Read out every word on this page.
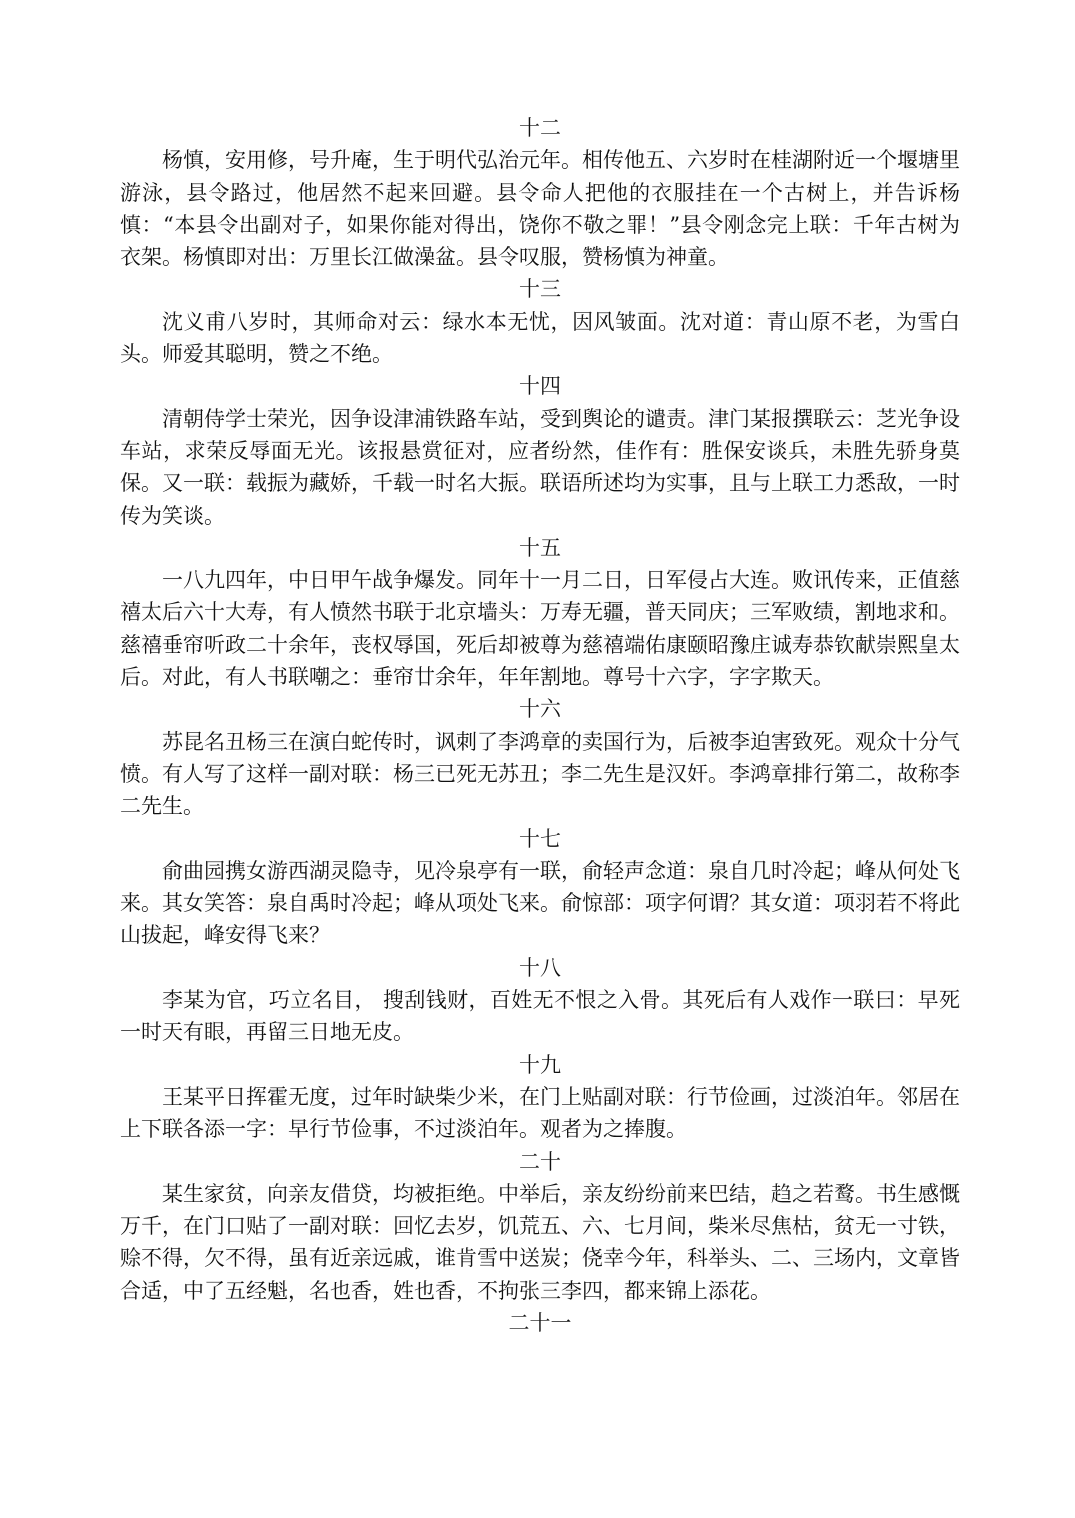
十二

杨慎，安用修，号升庵，生于明代弘治元年。相传他五、六岁时在桂湖附近一个堰塘里游泳，县令路过，他居然不起来回避。县令命人把他的衣服挂在一个古树上，并告诉杨慎：“本县令出副对子，如果你能对得出，饶你不敬之罪！”县令刚念完上联：千年古树为衣架。杨慎即对出：万里长江做澡盆。县令叹服，赞杨慎为神童。

十三

沈义甫八岁时，其师命对云：绿水本无忧，因风皱面。沈对道：青山原不老，为雪白头。师爱其聪明，赞之不绝。

十四

清朝侍学士荣光，因争设津浦铁路车站，受到舆论的谴责。津门某报撰联云：芝光争设车站，求荣反辱面无光。该报悬赏征对，应者纷然，佳作有：胜保安谈兵，未胜先骄身莫保。又一联：载振为藏娇，千载一时名大振。联语所述均为实事，且与上联工力悉敌，一时传为笑谈。

十五

一八九四年，中日甲午战争爆发。同年十一月二日，日军侵占大连。败讯传来，正值慈禧太后六十大寿，有人愤然书联于北京墙头：万寿无疆，普天同庆；三军败绩，割地求和。慈禧垂帘听政二十余年，丧权辱国，死后却被尊为慈禧端佑康颐昭豫庄诚寿恭钦献崇熙皇太后。对此，有人书联嘲之：垂帘廿余年，年年割地。尊号十六字，字字欺天。

十六

苏昆名丑杨三在演白蛇传时，讽刺了李鸿章的卖国行为，后被李迫害致死。观众十分气愤。有人写了这样一副对联：杨三已死无苏丑；李二先生是汉奸。李鸿章排行第二，故称李二先生。

十七

俞曲园携女游西湖灵隐寺，见冷泉亭有一联，俞轻声念道：泉自几时冷起；峰从何处飞来。其女笑答：泉自禹时冷起；峰从项处飞来。俞惊部：项字何谓？其女道：项羽若不将此山拔起，峰安得飞来？

十八

李某为官，巧立名目， 搜刮钱财，百姓无不恨之入骨。其死后有人戏作一联曰：早死一时天有眼，再留三日地无皮。

十九

王某平日挥霍无度，过年时缺柴少米，在门上贴副对联：行节俭画，过淡泊年。邻居在上下联各添一字：早行节俭事，不过淡泊年。观者为之捧腹。

二十

某生家贫，向亲友借贷，均被拒绝。中举后，亲友纷纷前来巴结，趋之若鹜。书生感慨万千，在门口贴了一副对联：回忆去岁，饥荒五、六、七月间，柴米尽焦枯，贫无一寸铁，赊不得，欠不得，虽有近亲远戚，谁肯雪中送炭；侥幸今年，科举头、二、三场内，文章皆合适，中了五经魁，名也香，姓也香，不拘张三李四，都来锦上添花。

二十一
